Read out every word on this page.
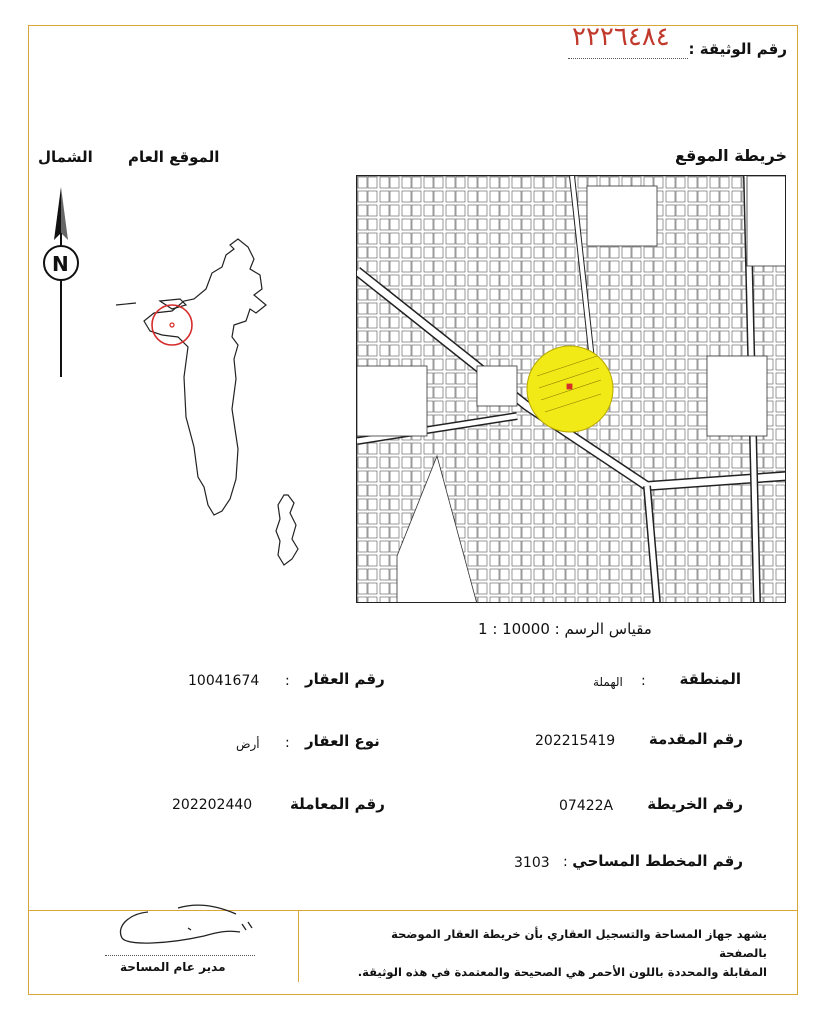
رقم الوثيقة :
٢٢٢٦٤٨٤
خريطة الموقع
الموقع العام
الشمال
N
مقياس الرسم : 10000 : 1
المنطقة
:
الهملة
رقم المقدمة
202215419
رقم الخريطة
07422A
رقم المخطط المساحي
:
3103
رقم العقار
:
10041674
نوع العقار
:
أرض
رقم المعاملة
202202440
يشهد جهاز المساحة والتسجيل العقاري بأن خريطة العقار الموضحة بالصفحة
المقابلة والمحددة باللون الأحمر هي الصحيحة والمعتمدة في هذه الوثيقة.
مدير عام المساحة
